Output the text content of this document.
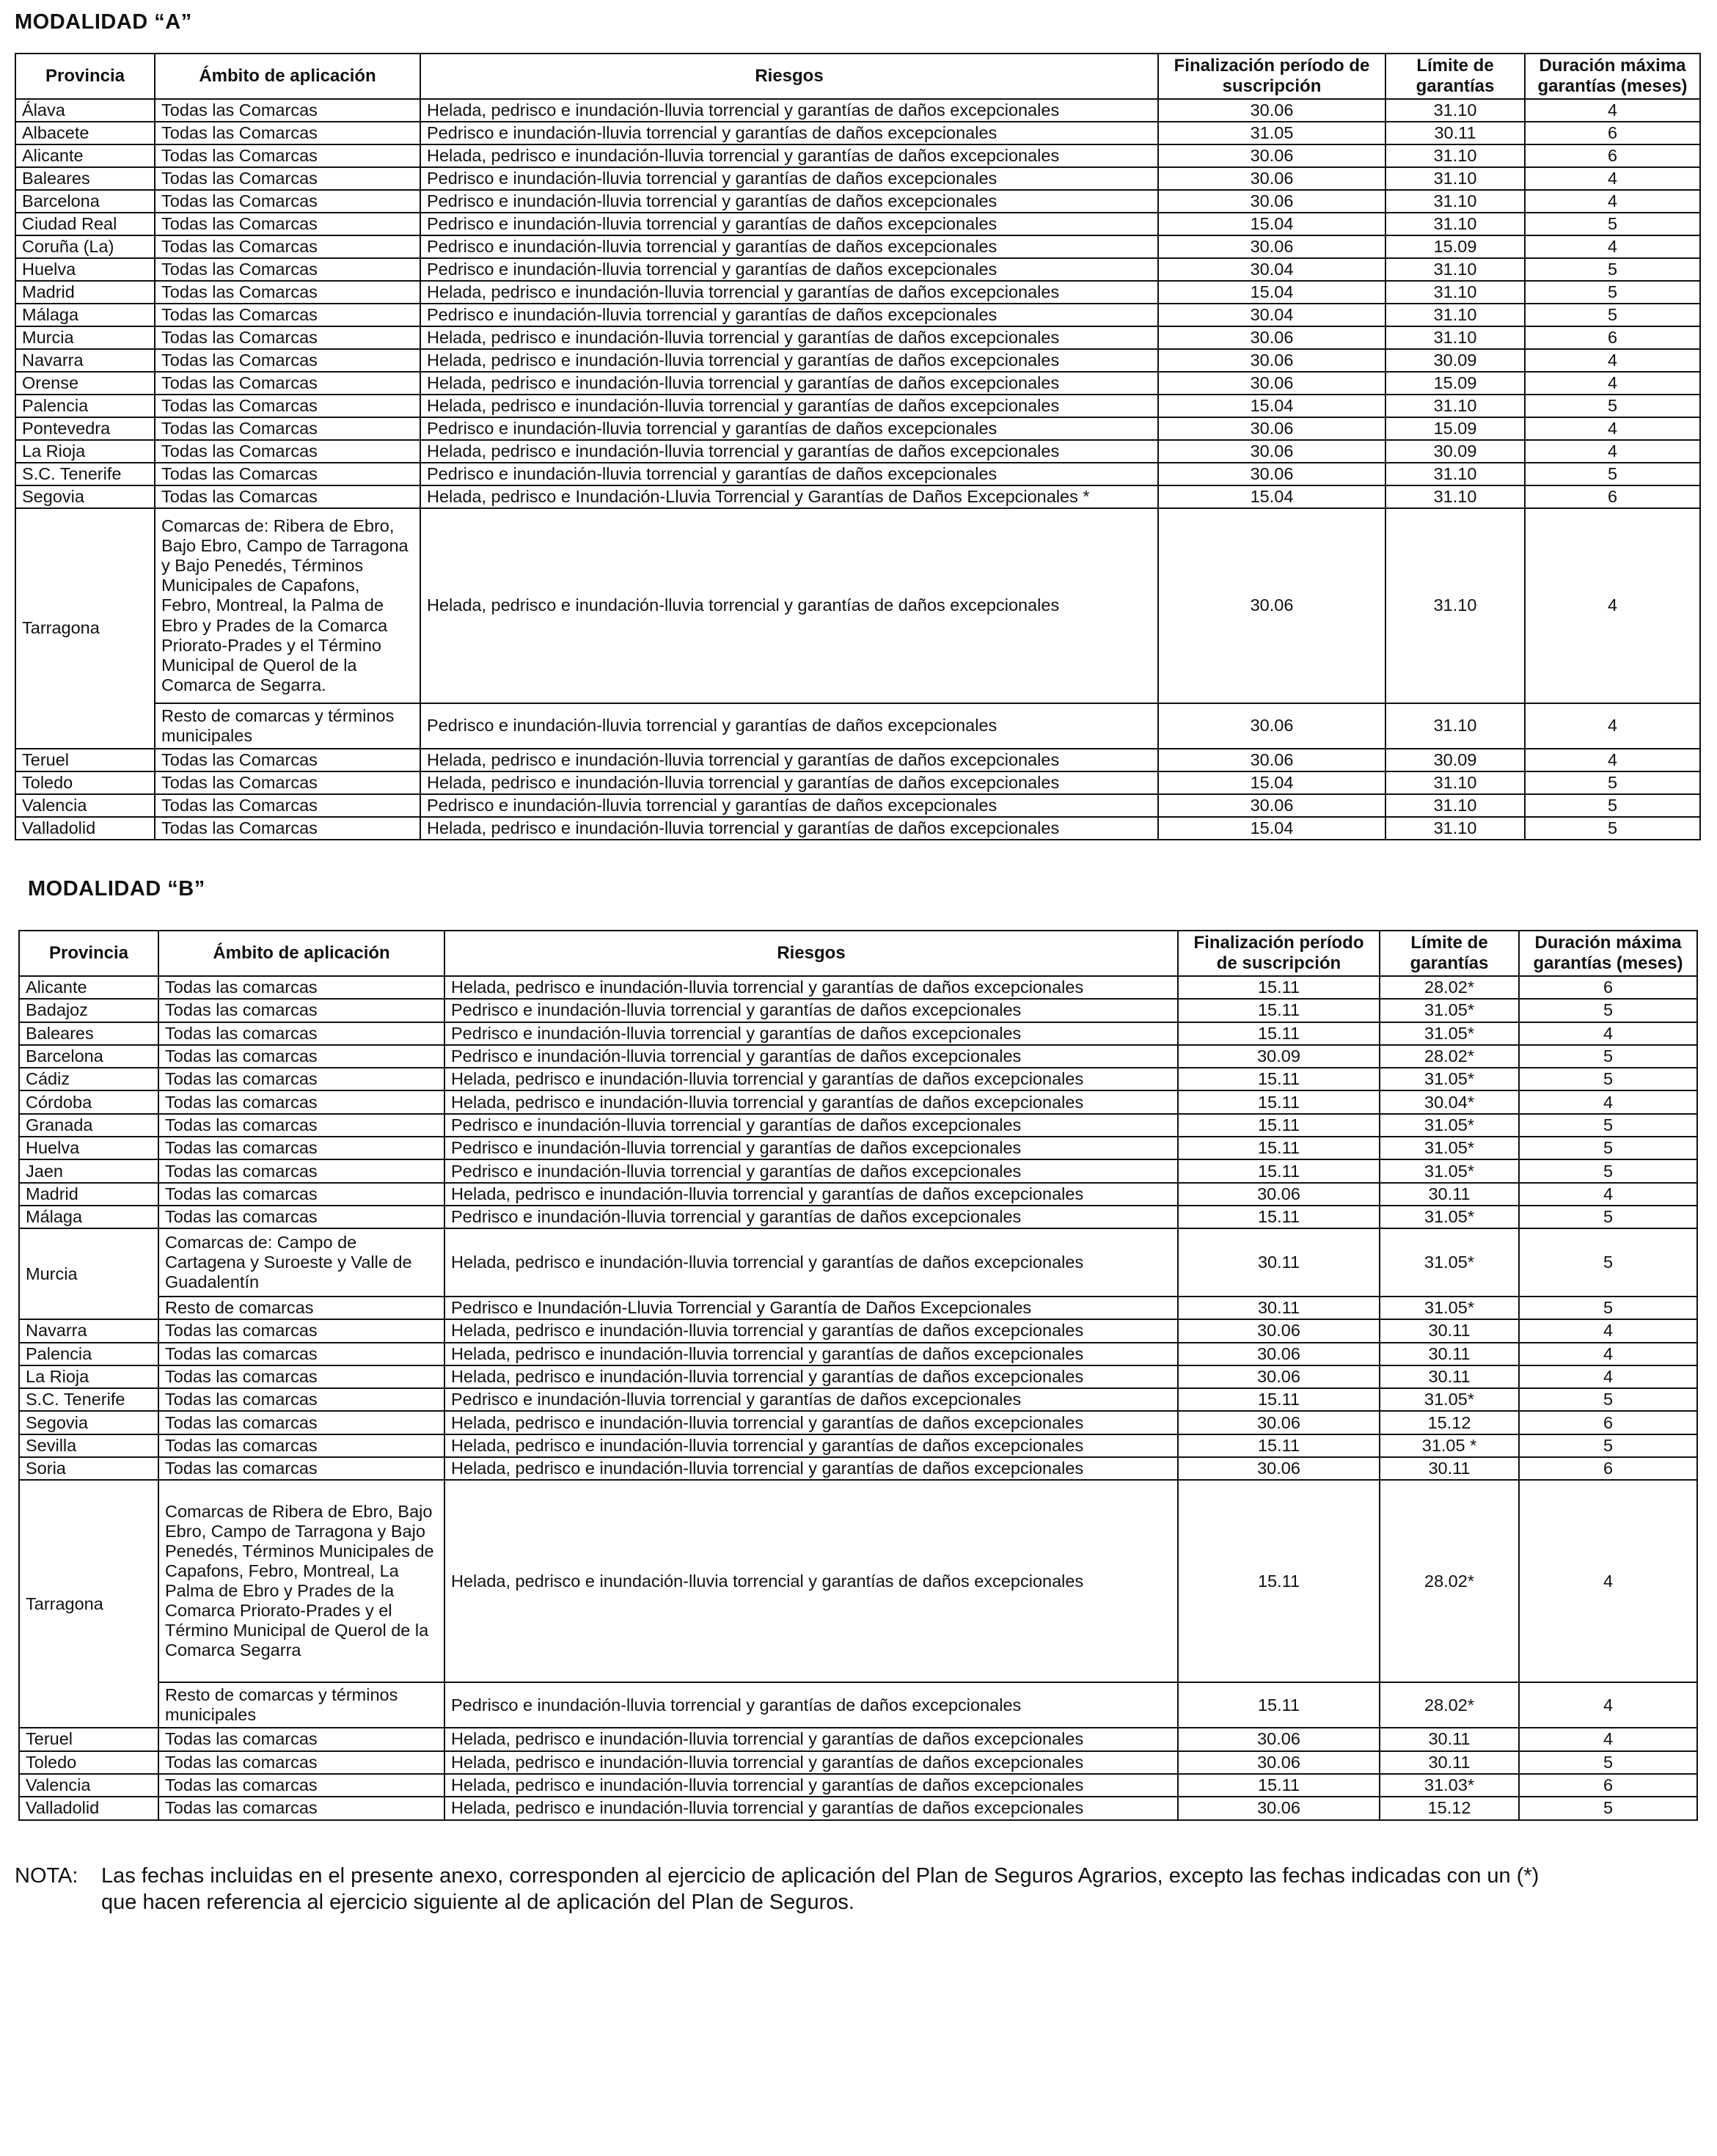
MODALIDAD “A”
Provincia	Ámbito de aplicación	Riesgos	Finalización período de suscripción	Límite de garantías	Duración máxima garantías (meses)
Álava	Todas las Comarcas	Helada, pedrisco e inundación-lluvia torrencial y garantías de daños excepcionales	30.06	31.10	4
Albacete	Todas las Comarcas	Pedrisco e inundación-lluvia torrencial y garantías de daños excepcionales	31.05	30.11	6
Alicante	Todas las Comarcas	Helada, pedrisco e inundación-lluvia torrencial y garantías de daños excepcionales	30.06	31.10	6
Baleares	Todas las Comarcas	Pedrisco e inundación-lluvia torrencial y garantías de daños excepcionales	30.06	31.10	4
Barcelona	Todas las Comarcas	Pedrisco e inundación-lluvia torrencial y garantías de daños excepcionales	30.06	31.10	4
Ciudad Real	Todas las Comarcas	Pedrisco e inundación-lluvia torrencial y garantías de daños excepcionales	15.04	31.10	5
Coruña (La)	Todas las Comarcas	Pedrisco e inundación-lluvia torrencial y garantías de daños excepcionales	30.06	15.09	4
Huelva	Todas las Comarcas	Pedrisco e inundación-lluvia torrencial y garantías de daños excepcionales	30.04	31.10	5
Madrid	Todas las Comarcas	Helada, pedrisco e inundación-lluvia torrencial y garantías de daños excepcionales	15.04	31.10	5
Málaga	Todas las Comarcas	Pedrisco e inundación-lluvia torrencial y garantías de daños excepcionales	30.04	31.10	5
Murcia	Todas las Comarcas	Helada, pedrisco e inundación-lluvia torrencial y garantías de daños excepcionales	30.06	31.10	6
Navarra	Todas las Comarcas	Helada, pedrisco e inundación-lluvia torrencial y garantías de daños excepcionales	30.06	30.09	4
Orense	Todas las Comarcas	Helada, pedrisco e inundación-lluvia torrencial y garantías de daños excepcionales	30.06	15.09	4
Palencia	Todas las Comarcas	Helada, pedrisco e inundación-lluvia torrencial y garantías de daños excepcionales	15.04	31.10	5
Pontevedra	Todas las Comarcas	Pedrisco e inundación-lluvia torrencial y garantías de daños excepcionales	30.06	15.09	4
La Rioja	Todas las Comarcas	Helada, pedrisco e inundación-lluvia torrencial y garantías de daños excepcionales	30.06	30.09	4
S.C. Tenerife	Todas las Comarcas	Pedrisco e inundación-lluvia torrencial y garantías de daños excepcionales	30.06	31.10	5
Segovia	Todas las Comarcas	Helada, pedrisco e Inundación-Lluvia Torrencial y Garantías de Daños Excepcionales *	15.04	31.10	6
Tarragona	Comarcas de: Ribera de Ebro, Bajo Ebro, Campo de Tarragona y Bajo Penedés, Términos Municipales de Capafons, Febro, Montreal, la Palma de Ebro y Prades de la Comarca Priorato-Prades y el Término Municipal de Querol de la Comarca de Segarra.	Helada, pedrisco e inundación-lluvia torrencial y garantías de daños excepcionales	30.06	31.10	4
	Resto de comarcas y términos municipales	Pedrisco e inundación-lluvia torrencial y garantías de daños excepcionales	30.06	31.10	4
Teruel	Todas las Comarcas	Helada, pedrisco e inundación-lluvia torrencial y garantías de daños excepcionales	30.06	30.09	4
Toledo	Todas las Comarcas	Helada, pedrisco e inundación-lluvia torrencial y garantías de daños excepcionales	15.04	31.10	5
Valencia	Todas las Comarcas	Pedrisco e inundación-lluvia torrencial y garantías de daños excepcionales	30.06	31.10	5
Valladolid	Todas las Comarcas	Helada, pedrisco e inundación-lluvia torrencial y garantías de daños excepcionales	15.04	31.10	5
MODALIDAD “B”
Provincia	Ámbito de aplicación	Riesgos	Finalización período de suscripción	Límite de garantías	Duración máxima garantías (meses)
Alicante	Todas las comarcas	Helada, pedrisco e inundación-lluvia torrencial y garantías de daños excepcionales	15.11	28.02*	6
Badajoz	Todas las comarcas	Pedrisco e inundación-lluvia torrencial y garantías de daños excepcionales	15.11	31.05*	5
Baleares	Todas las comarcas	Pedrisco e inundación-lluvia torrencial y garantías de daños excepcionales	15.11	31.05*	4
Barcelona	Todas las comarcas	Pedrisco e inundación-lluvia torrencial y garantías de daños excepcionales	30.09	28.02*	5
Cádiz	Todas las comarcas	Helada, pedrisco e inundación-lluvia torrencial y garantías de daños excepcionales	15.11	31.05*	5
Córdoba	Todas las comarcas	Helada, pedrisco e inundación-lluvia torrencial y garantías de daños excepcionales	15.11	30.04*	4
Granada	Todas las comarcas	Pedrisco e inundación-lluvia torrencial y garantías de daños excepcionales	15.11	31.05*	5
Huelva	Todas las comarcas	Pedrisco e inundación-lluvia torrencial y garantías de daños excepcionales	15.11	31.05*	5
Jaen	Todas las comarcas	Pedrisco e inundación-lluvia torrencial y garantías de daños excepcionales	15.11	31.05*	5
Madrid	Todas las comarcas	Helada, pedrisco e inundación-lluvia torrencial y garantías de daños excepcionales	30.06	30.11	4
Málaga	Todas las comarcas	Pedrisco e inundación-lluvia torrencial y garantías de daños excepcionales	15.11	31.05*	5
Murcia	Comarcas de: Campo de Cartagena y Suroeste y Valle de Guadalentín	Helada, pedrisco e inundación-lluvia torrencial y garantías de daños excepcionales	30.11	31.05*	5
	Resto de comarcas	Pedrisco e Inundación-Lluvia Torrencial y Garantía de Daños Excepcionales	30.11	31.05*	5
Navarra	Todas las comarcas	Helada, pedrisco e inundación-lluvia torrencial y garantías de daños excepcionales	30.06	30.11	4
Palencia	Todas las comarcas	Helada, pedrisco e inundación-lluvia torrencial y garantías de daños excepcionales	30.06	30.11	4
La Rioja	Todas las comarcas	Helada, pedrisco e inundación-lluvia torrencial y garantías de daños excepcionales	30.06	30.11	4
S.C. Tenerife	Todas las comarcas	Pedrisco e inundación-lluvia torrencial y garantías de daños excepcionales	15.11	31.05*	5
Segovia	Todas las comarcas	Helada, pedrisco e inundación-lluvia torrencial y garantías de daños excepcionales	30.06	15.12	6
Sevilla	Todas las comarcas	Helada, pedrisco e inundación-lluvia torrencial y garantías de daños excepcionales	15.11	31.05 *	5
Soria	Todas las comarcas	Helada, pedrisco e inundación-lluvia torrencial y garantías de daños excepcionales	30.06	30.11	6
Tarragona	Comarcas de Ribera de Ebro, Bajo Ebro, Campo de Tarragona y Bajo Penedés, Términos Municipales de Capafons, Febro, Montreal, La Palma de Ebro y Prades de la Comarca Priorato-Prades y el Término Municipal de Querol de la Comarca Segarra	Helada, pedrisco e inundación-lluvia torrencial y garantías de daños excepcionales	15.11	28.02*	4
	Resto de comarcas y términos municipales	Pedrisco e inundación-lluvia torrencial y garantías de daños excepcionales	15.11	28.02*	4
Teruel	Todas las comarcas	Helada, pedrisco e inundación-lluvia torrencial y garantías de daños excepcionales	30.06	30.11	4
Toledo	Todas las comarcas	Helada, pedrisco e inundación-lluvia torrencial y garantías de daños excepcionales	30.06	30.11	5
Valencia	Todas las comarcas	Helada, pedrisco e inundación-lluvia torrencial y garantías de daños excepcionales	15.11	31.03*	6
Valladolid	Todas las comarcas	Helada, pedrisco e inundación-lluvia torrencial y garantías de daños excepcionales	30.06	15.12	5
NOTA: Las fechas incluidas en el presente anexo, corresponden al ejercicio de aplicación del Plan de Seguros Agrarios, excepto las fechas indicadas con un (*)
que hacen referencia al ejercicio siguiente al de aplicación del Plan de Seguros.
